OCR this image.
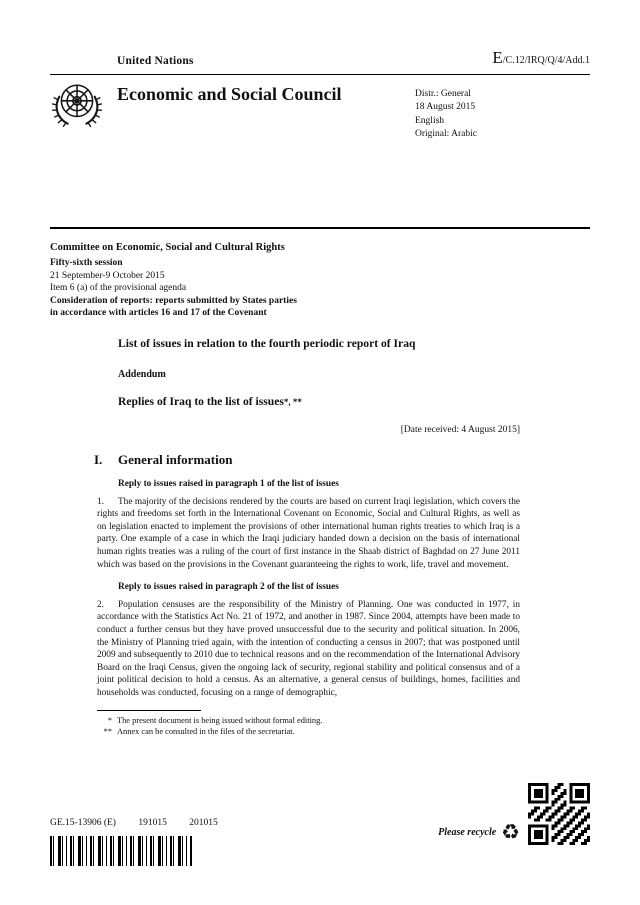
United Nations	E/C.12/IRQ/Q/4/Add.1
Economic and Social Council	Distr.: General
18 August 2015
English
Original: Arabic
Committee on Economic, Social and Cultural Rights
Fifty-sixth session
21 September-9 October 2015
Item 6 (a) of the provisional agenda
Consideration of reports: reports submitted by States parties
in accordance with articles 16 and 17 of the Covenant
List of issues in relation to the fourth periodic report of Iraq
Addendum
Replies of Iraq to the list of issues*, **
[Date received: 4 August 2015]
I. General information
Reply to issues raised in paragraph 1 of the list of issues

1. The majority of the decisions rendered by the courts are based on current Iraqi legislation, which covers the rights and freedoms set forth in the International Covenant on Economic, Social and Cultural Rights, as well as on legislation enacted to implement the provisions of other international human rights treaties to which Iraq is a party. One example of a case in which the Iraqi judiciary handed down a decision on the basis of international human rights treaties was a ruling of the court of first instance in the Shaab district of Baghdad on 27 June 2011 which was based on the provisions in the Covenant guaranteeing the rights to work, life, travel and movement.

Reply to issues raised in paragraph 2 of the list of issues

2. Population censuses are the responsibility of the Ministry of Planning. One was conducted in 1977, in accordance with the Statistics Act No. 21 of 1972, and another in 1987. Since 2004, attempts have been made to conduct a further census but they have proved unsuccessful due to the security and political situation. In 2006, the Ministry of Planning tried again, with the intention of conducting a census in 2007; that was postponed until 2009 and subsequently to 2010 due to technical reasons and on the recommendation of the International Advisory Board on the Iraqi Census, given the ongoing lack of security, regional stability and political consensus and of a joint political decision to hold a census. As an alternative, a general census of buildings, homes, facilities and households was conducted, focusing on a range of demographic,

* The present document is being issued without formal editing.
** Annex can be consulted in the files of the secretariat.
GE.15-13906 (E) 191015 201015
Please recycle ♻
